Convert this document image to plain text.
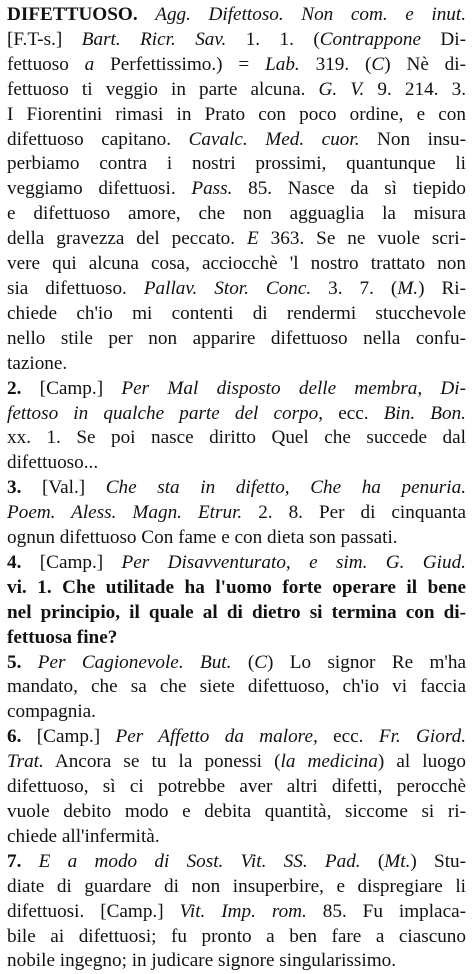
DIFETTUOSO. Agg. Difettoso. Non com. e inut.
[F.T-s.] Bart. Ricr. Sav. 1. 1. (Contrappone Di-
fettuoso a Perfettissimo.) = Lab. 319. (C) Nè di-
fettuoso ti veggio in parte alcuna. G. V. 9. 214. 3.
I Fiorentini rimasi in Prato con poco ordine, e con
difettuoso capitano. Cavalc. Med. cuor. Non insu-
perbiamo contra i nostri prossimi, quantunque li
veggiamo difettuosi. Pass. 85. Nasce da sì tiepido
e difettuoso amore, che non agguaglia la misura
della gravezza del peccato. E 363. Se ne vuole scri-
vere qui alcuna cosa, acciocchè 'l nostro trattato non
sia difettuoso. Pallav. Stor. Conc. 3. 7. (M.) Ri-
chiede ch'io mi contenti di rendermi stucchevole
nello stile per non apparire difettuoso nella confu-
tazione.
2. [Camp.] Per Mal disposto delle membra, Di-
fettoso in qualche parte del corpo, ecc. Bin. Bon.
xx. 1. Se poi nasce diritto Quel che succede dal
difettuoso...
3. [Val.] Che sta in difetto, Che ha penuria.
Poem. Aless. Magn. Etrur. 2. 8. Per di cinquanta
ognun difettuoso Con fame e con dieta son passati.
4. [Camp.] Per Disavventurato, e sim. G. Giud.
vi. 1. Che utilitade ha l'uomo forte operare il bene
nel principio, il quale al di dietro si termina con di-
fettuosa fine?
5. Per Cagionevole. But. (C) Lo signor Re m'ha
mandato, che sa che siete difettuoso, ch'io vi faccia
compagnia.
6. [Camp.] Per Affetto da malore, ecc. Fr. Giord.
Trat. Ancora se tu la ponessi (la medicina) al luogo
difettuoso, sì ci potrebbe aver altri difetti, perocchè
vuole debito modo e debita quantità, siccome si ri-
chiede all'infermità.
7. E a modo di Sost. Vit. SS. Pad. (Mt.) Stu-
diate di guardare di non insuperbire, e dispregiare li
difettuosi. [Camp.] Vit. Imp. rom. 85. Fu implaca-
bile ai difettuosi; fu pronto a ben fare a ciascuno
nobile ingegno; in judicare signore singularissimo.
